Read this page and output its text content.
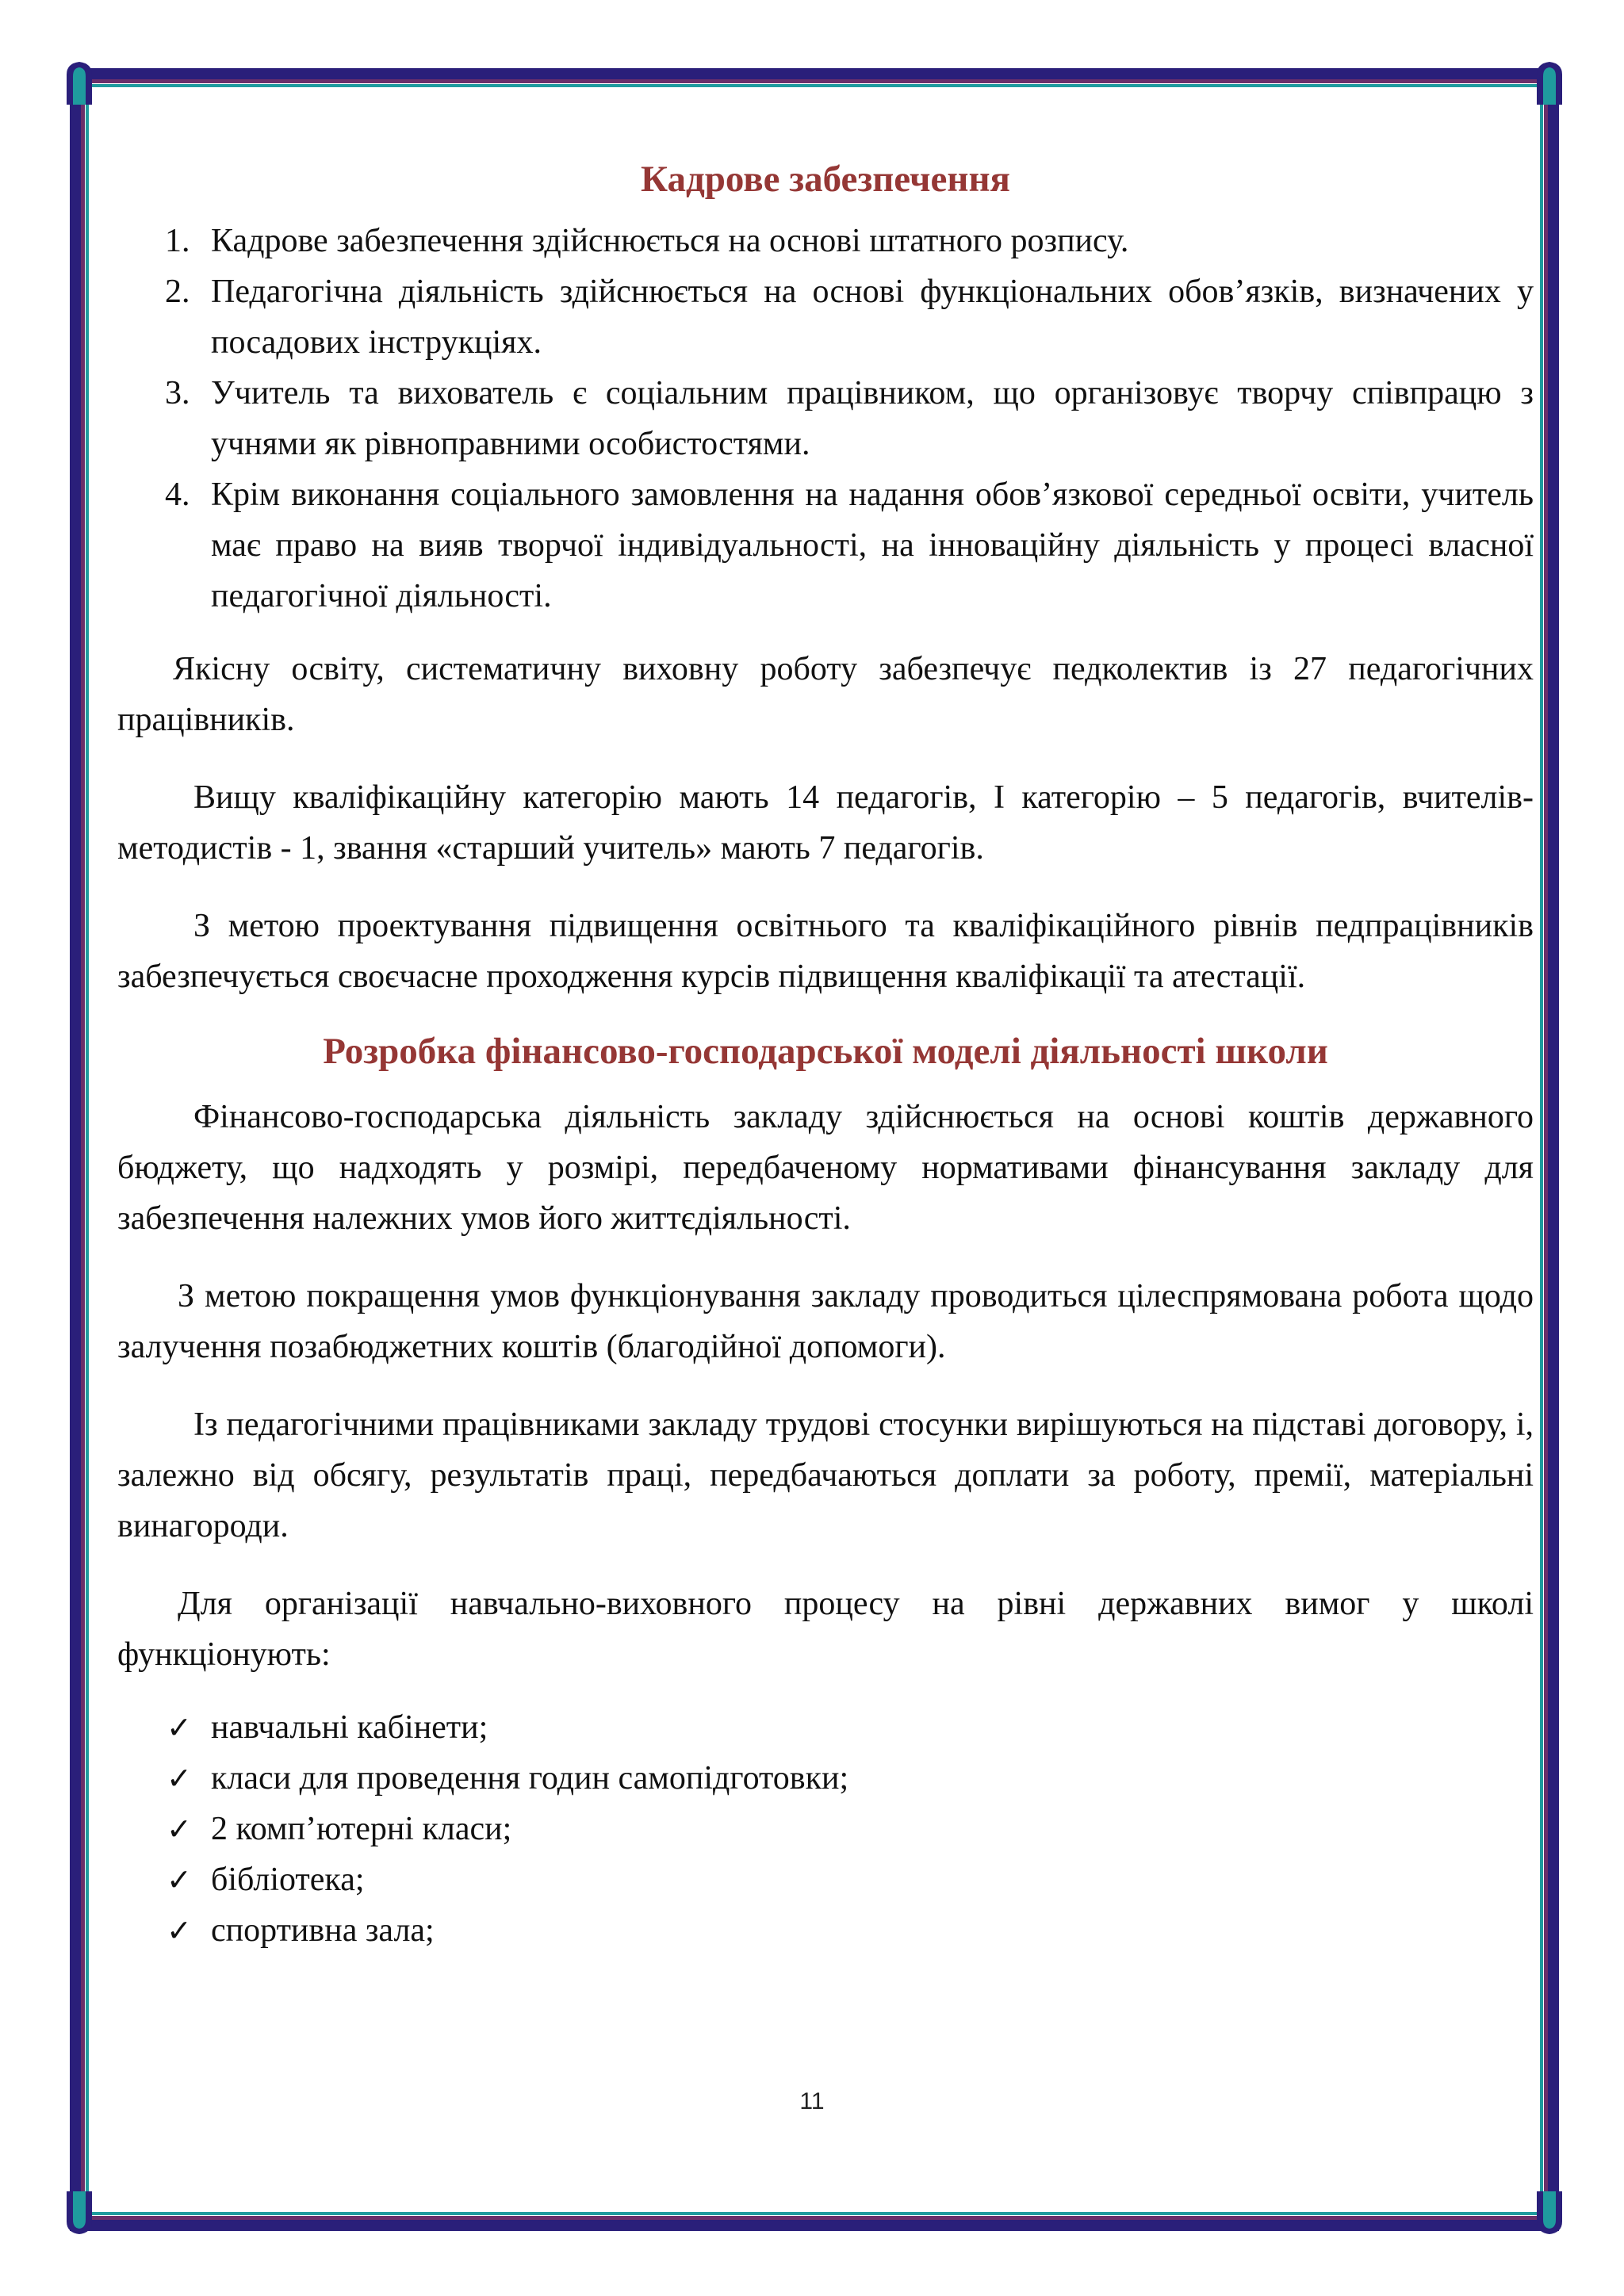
Кадрове забезпечення
1. Кадрове забезпечення здійснюється на основі штатного розпису.
2. Педагогічна діяльність здійснюється на основі функціональних обов’язків, визначених у посадових інструкціях.
3. Учитель та вихователь є соціальним працівником, що організовує творчу співпрацю з учнями як рівноправними особистостями.
4. Крім виконання соціального замовлення на надання обов’язкової середньої освіти, учитель має право на вияв творчої індивідуальності, на інноваційну діяльність у процесі власної педагогічної діяльності.

Якісну освіту, систематичну виховну роботу забезпечує педколектив із 27 педагогічних працівників.

Вищу кваліфікаційну категорію мають 14 педагогів, І категорію – 5 педагогів, вчителів-методистів - 1, звання «старший учитель» мають 7 педагогів.

З метою проектування підвищення освітнього та кваліфікаційного рівнів педпрацівників забезпечується своєчасне проходження курсів підвищення кваліфікації та атестації.

Розробка фінансово-господарської моделі діяльності школи

Фінансово-господарська діяльність закладу здійснюється на основі коштів державного бюджету, що надходять у розмірі, передбаченому нормативами фінансування закладу для забезпечення належних умов його життєдіяльності.

З метою покращення умов функціонування закладу проводиться цілеспрямована робота щодо залучення позабюджетних коштів (благодійної допомоги).

Із педагогічними працівниками закладу трудові стосунки вирішуються на підставі договору, і, залежно від обсягу, результатів праці, передбачаються доплати за роботу, премії, матеріальні винагороди.

Для організації навчально-виховного процесу на рівні державних вимог у школі функціонують:

✓ навчальні кабінети;
✓ класи для проведення годин самопідготовки;
✓ 2 комп’ютерні класи;
✓ бібліотека;
✓ спортивна зала;
11
